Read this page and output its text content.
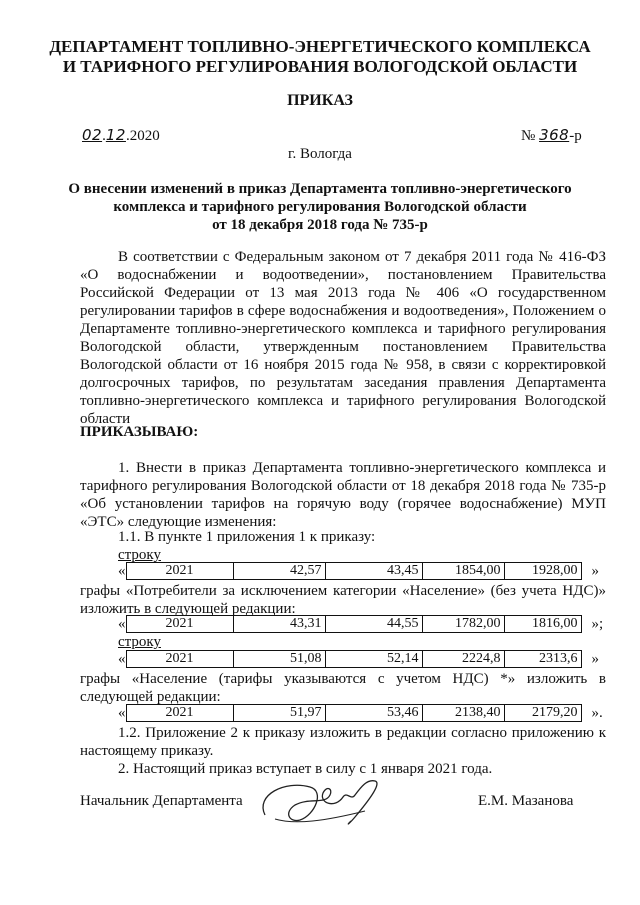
ДЕПАРТАМЕНТ ТОПЛИВНО-ЭНЕРГЕТИЧЕСКОГО КОМПЛЕКСА
И ТАРИФНОГО РЕГУЛИРОВАНИЯ ВОЛОГОДСКОЙ ОБЛАСТИ
ПРИКАЗ
02.12.2020	№ 368-р
г. Вологда
О внесении изменений в приказ Департамента топливно-энергетического
комплекса и тарифного регулирования Вологодской области
от 18 декабря 2018 года № 735-р
В соответствии с Федеральным законом от 7 декабря 2011 года № 416-ФЗ «О водоснабжении и водоотведении», постановлением Правительства Российской Федерации от 13 мая 2013 года № 406 «О государственном регулировании тарифов в сфере водоснабжения и водоотведения», Положением о Департаменте топливно-энергетического комплекса и тарифного регулирования Вологодской области, утвержденным постановлением Правительства Вологодской области от 16 ноября 2015 года № 958, в связи с корректировкой долгосрочных тарифов, по результатам заседания правления Департамента топливно-энергетического комплекса и тарифного регулирования Вологодской области
ПРИКАЗЫВАЮ:
1. Внести в приказ Департамента топливно-энергетического комплекса и тарифного регулирования Вологодской области от 18 декабря 2018 года № 735-р «Об установлении тарифов на горячую воду (горячее водоснабжение) МУП «ЭТС» следующие изменения:
1.1. В пункте 1 приложения 1 к приказу:
строку
«	2021	42,57	43,45	1854,00	1928,00 »
графы «Потребители за исключением категории «Население» (без учета НДС)» изложить в следующей редакции:
«	2021	43,31	44,55	1782,00	1816,00 »;
строку
«	2021	51,08	52,14	2224,8	2313,6 »
графы «Население (тарифы указываются с учетом НДС) *» изложить в следующей редакции:
«	2021	51,97	53,46	2138,40	2179,20 ».
1.2. Приложение 2 к приказу изложить в редакции согласно приложению к настоящему приказу.
2. Настоящий приказ вступает в силу с 1 января 2021 года.
Начальник Департамента	Е.М. Мазанова
